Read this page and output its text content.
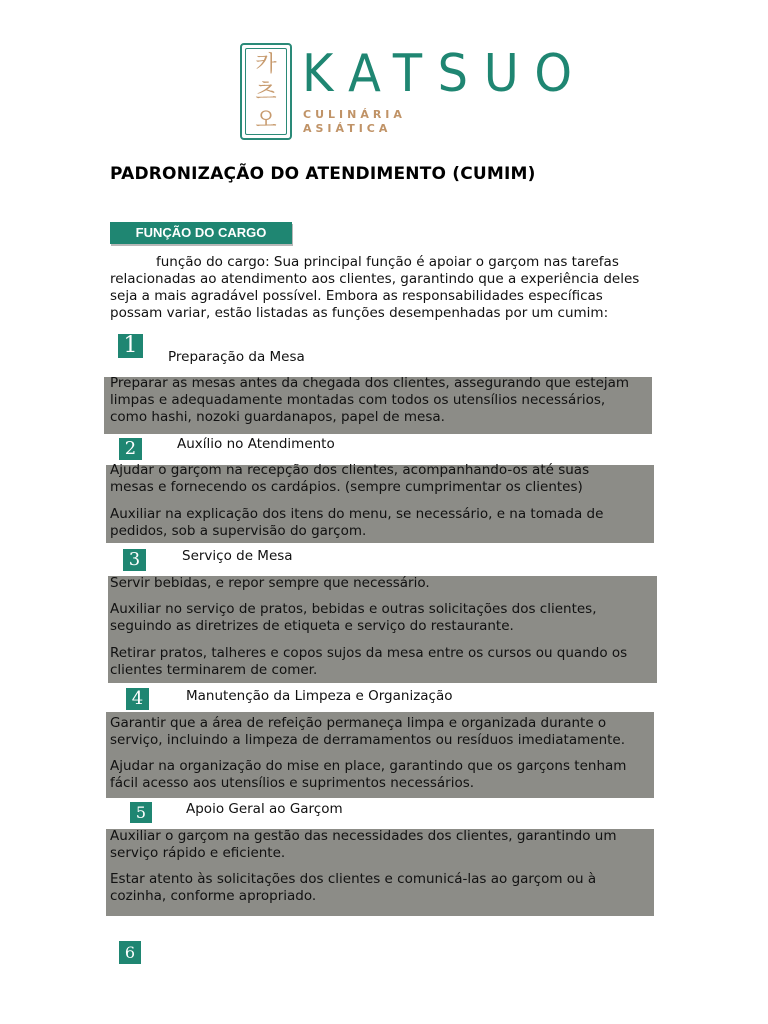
카
츠
오
KATSUO
CULINÁRIA
ASIÁTICA
PADRONIZAÇÃO DO ATENDIMENTO (CUMIM)
FUNÇÃO DO CARGO
função do cargo: Sua principal função é apoiar o garçom nas tarefas relacionadas ao atendimento aos clientes, garantindo que a experiência deles seja a mais agradável possível. Embora as responsabilidades específicas possam variar, estão listadas as funções desempenhadas por um cumim:
1	Preparação da Mesa
Preparar as mesas antes da chegada dos clientes, assegurando que estejam
limpas e adequadamente montadas com todos os utensílios necessários,
como hashi, nozoki guardanapos, papel de mesa.
2	Auxílio no Atendimento
Ajudar o garçom na recepção dos clientes, acompanhando-os até suas
mesas e fornecendo os cardápios. (sempre cumprimentar os clientes)
Auxiliar na explicação dos itens do menu, se necessário, e na tomada de
pedidos, sob a supervisão do garçom.
3	Serviço de Mesa
Servir bebidas, e repor sempre que necessário.
Auxiliar no serviço de pratos, bebidas e outras solicitações dos clientes,
seguindo as diretrizes de etiqueta e serviço do restaurante.
Retirar pratos, talheres e copos sujos da mesa entre os cursos ou quando os
clientes terminarem de comer.
4	Manutenção da Limpeza e Organização
Garantir que a área de refeição permaneça limpa e organizada durante o
serviço, incluindo a limpeza de derramamentos ou resíduos imediatamente.
Ajudar na organização do mise en place, garantindo que os garçons tenham
fácil acesso aos utensílios e suprimentos necessários.
5	Apoio Geral ao Garçom
Auxiliar o garçom na gestão das necessidades dos clientes, garantindo um
serviço rápido e eficiente.
Estar atento às solicitações dos clientes e comunicá-las ao garçom ou à
cozinha, conforme apropriado.
6
